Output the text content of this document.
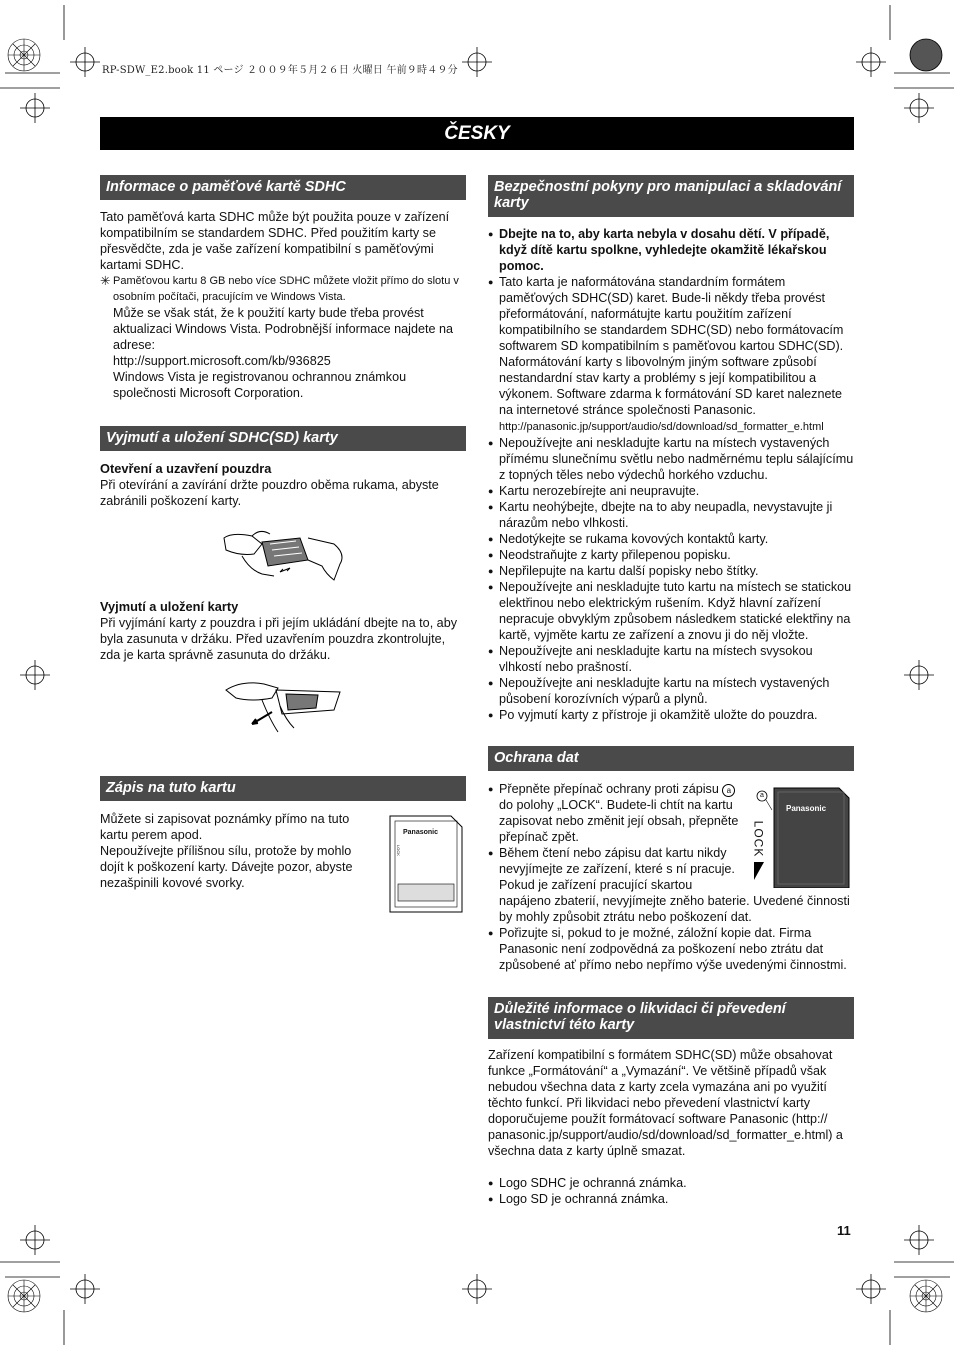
RP-SDW_E2.book 11 ページ ２００９年５月２６日 火曜日 午前９時４９分
ČESKY
Informace o paměťové kartě SDHC

Tato paměťová karta SDHC může být použita pouze v zařízení kompatibilním se standardem SDHC. Před použitím karty se přesvědčte, zda je vaše zařízení kompatibilní s paměťovými kartami SDHC.

✳ Paměťovou kartu 8 GB nebo více SDHC můžete vložit přímo do slotu v osobním počítači, pracujícím ve Windows Vista.

Může se však stát, že k použití karty bude třeba provést aktualizaci Windows Vista. Podrobnější informace najdete na adrese:

http://support.microsoft.com/kb/936825

Windows Vista je registrovanou ochrannou známkou společnosti Microsoft Corporation.

Vyjmutí a uložení SDHC(SD) karty

Otevření a uzavření pouzdra

Při otevírání a zavírání držte pouzdro oběma rukama, abyste zabránili poškození karty.

Vyjmutí a uložení karty

Při vyjímání karty z pouzdra i při jejím ukládání dbejte na to, aby byla zasunuta v držáku. Před uzavřením pouzdra zkontrolujte, zda je karta správně zasunuta do držáku.

Zápis na tuto kartu

Můžete si zapisovat poznámky přímo na tuto kartu perem apod.

Nepoužívejte přílišnou sílu, protože by mohlo dojít k poškození karty. Dávejte pozor, abyste nezašpinili kovové svorky.

Panasonic
LOCK
Bezpečnostní pokyny pro manipulaci a skladování karty
● Dbejte na to, aby karta nebyla v dosahu dětí. V případě, když dítě kartu spolkne, vyhledejte okamžitě lékařskou pomoc.
● Tato karta je naformátována standardním formátem paměťových SDHC(SD) karet. Bude-li někdy třeba provést přeformátování, naformátujte kartu použitím zařízení kompatibilního se standardem SDHC(SD) nebo formátovacím softwarem SD kompatibilním s paměťovou kartou SDHC(SD). Naformátování karty s libovolným jiným software způsobí nestandardní stav karty a problémy s její kompatibilitou a výkonem. Software zdarma k formátování SD karet naleznete na internetové stránce společnosti Panasonic.
http://panasonic.jp/support/audio/sd/download/sd_formatter_e.html
● Nepoužívejte ani neskladujte kartu na místech vystavených přímému slunečnímu světlu nebo nadměrnému teplu sálajícímu z topných těles nebo výdechů horkého vzduchu.
● Kartu nerozebírejte ani neupravujte.
● Kartu neohýbejte, dbejte na to aby neupadla, nevystavujte ji nárazům nebo vlhkosti.
● Nedotýkejte se rukama kovových kontaktů karty.
● Neodstraňujte z karty přilepenou popisku.
● Nepřilepujte na kartu další popisky nebo štítky.
● Nepoužívejte ani neskladujte tuto kartu na místech se statickou elektřinou nebo elektrickým rušením. Když hlavní zařízení nepracuje obvyklým způsobem následkem statické elektřiny na kartě, vyjměte kartu ze zařízení a znovu ji do něj vložte.
● Nepoužívejte ani neskladujte kartu na místech svysokou vlhkostí nebo prašností.
● Nepoužívejte ani neskladujte kartu na místech vystavených působení korozívních výparů a plynů.
● Po vyjmutí karty z přístroje ji okamžitě uložte do pouzdra.
Ochrana dat
● Přepněte přepínač ochrany proti zápisu a do polohy „LOCK“. Budete-li chtít na kartu zapisovat nebo změnit její obsah, přepněte přepínač zpět.
● Během čtení nebo zápisu dat kartu nikdy nevyjímejte ze zařízení, které s ní pracuje. Pokud je zařízení pracující skartou
napájeno zbaterií, nevyjímejte zněho baterie. Uvedené činnosti by mohly způsobit ztrátu nebo poškození dat.
● Pořizujte si, pokud to je možné, záložní kopie dat. Firma Panasonic není zodpovědná za poškození nebo ztrátu dat způsobené ať přímo nebo nepřímo výše uvedenými činnostmi.
a
Panasonic
LOCK
Důležité informace o likvidaci či převedení vlastnictví této karty

Zařízení kompatibilní s formátem SDHC(SD) může obsahovat funkce „Formátování“ a „Vymazání“. Ve většině případů však nebudou všechna data z karty zcela vymazána ani po využití těchto funkcí. Při likvidaci nebo převedení vlastnictví karty doporučujeme použít formátovací software Panasonic (http:// panasonic.jp/support/audio/sd/download/sd_formatter_e.html) a všechna data z karty úplně smazat.

● Logo SDHC je ochranná známka.
● Logo SD je ochranná známka.
11
